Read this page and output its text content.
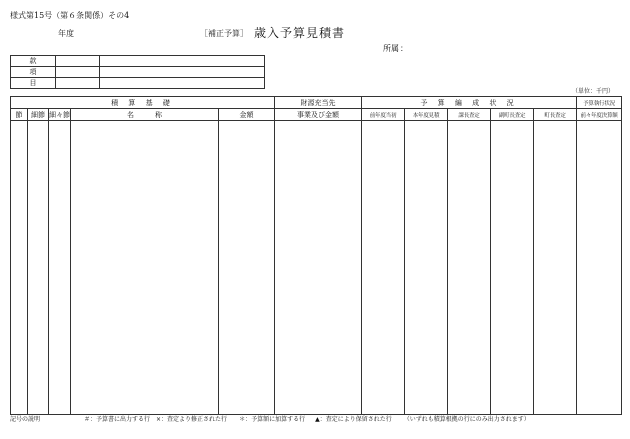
様式第15号（第６条関係）その4
年度	［補正予算］ 歳入予算見積書
所属 ：
款		
項		
目		
（単位：千円）
積 算 基 礎					財源充当先	予 算 編 成 状 況					予算執行状況
節	細節	細々節	名　　　称	金額	事業及び金額	前年度当初	本年度見積	課長査定	副町長査定	町長査定	前々年度決算額

記号の説明	＃：予算書に出力する行 ×：査定より修正された行 ＊：予算額に加算する行 ▲：査定により保留された行 （いずれも積算根拠の行にのみ出力されます）
